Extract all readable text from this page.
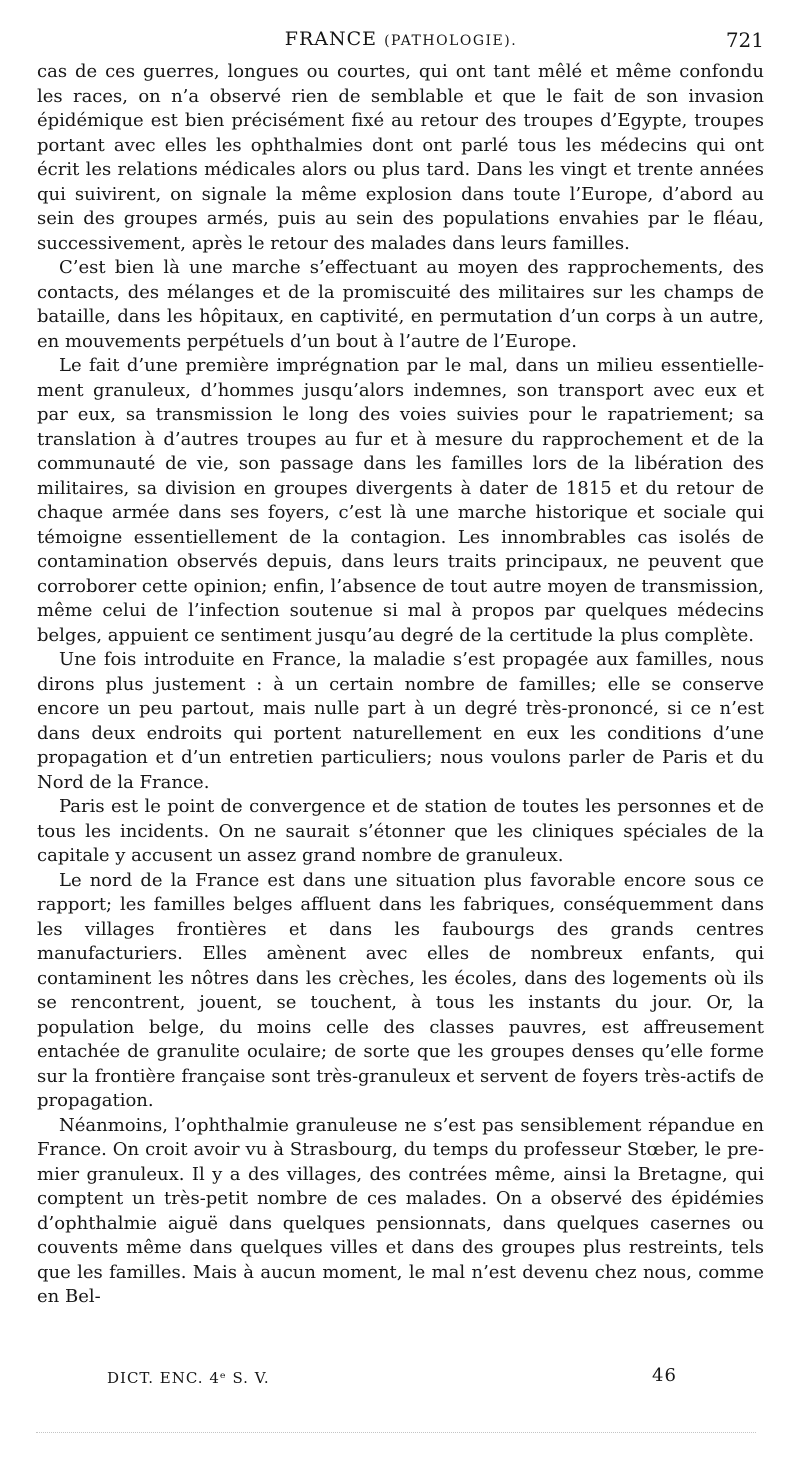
FRANCE (PATHOLOGIE).	721

cas de ces guerres, longues ou courtes, qui ont tant mêlé et même confondu les races, on n’a observé rien de semblable et que le fait de son invasion épidémique est bien précisément fixé au retour des troupes d’Egypte, troupes portant avec elles les ophthalmies dont ont parlé tous les médecins qui ont écrit les relations médicales alors ou plus tard. Dans les vingt et trente années qui suivirent, on signale la même explosion dans toute l’Europe, d’abord au sein des groupes armés, puis au sein des populations envahies par le fléau, successivement, après le retour des malades dans leurs familles.

C’est bien là une marche s’effectuant au moyen des rapprochements, des contacts, des mélanges et de la promiscuité des militaires sur les champs de bataille, dans les hôpitaux, en captivité, en permutation d’un corps à un autre, en mouvements perpétuels d’un bout à l’autre de l’Europe.

Le fait d’une première imprégnation par le mal, dans un milieu essentiellement granuleux, d’hommes jusqu’alors indemnes, son transport avec eux et par eux, sa transmission le long des voies suivies pour le rapatriement; sa translation à d’autres troupes au fur et à mesure du rapprochement et de la communauté de vie, son passage dans les familles lors de la libération des militaires, sa division en groupes divergents à dater de 1815 et du retour de chaque armée dans ses foyers, c’est là une marche historique et sociale qui témoigne essentiellement de la contagion. Les innombrables cas isolés de contamination observés depuis, dans leurs traits principaux, ne peuvent que corroborer cette opinion; enfin, l’absence de tout autre moyen de transmission, même celui de l’infection soutenue si mal à propos par quelques médecins belges, appuient ce sentiment jusqu’au degré de la certitude la plus complète.

Une fois introduite en France, la maladie s’est propagée aux familles, nous dirons plus justement : à un certain nombre de familles; elle se conserve encore un peu partout, mais nulle part à un degré très-prononcé, si ce n’est dans deux endroits qui portent naturellement en eux les conditions d’une propagation et d’un entretien particuliers; nous voulons parler de Paris et du Nord de la France.

Paris est le point de convergence et de station de toutes les personnes et de tous les incidents. On ne saurait s’étonner que les cliniques spéciales de la capitale y accusent un assez grand nombre de granuleux.

Le nord de la France est dans une situation plus favorable encore sous ce rapport; les familles belges affluent dans les fabriques, conséquemment dans les villages frontières et dans les faubourgs des grands centres manufacturiers. Elles amènent avec elles de nombreux enfants, qui contaminent les nôtres dans les crèches, les écoles, dans des logements où ils se rencontrent, jouent, se touchent, à tous les instants du jour. Or, la population belge, du moins celle des classes pauvres, est affreusement entachée de granulite oculaire; de sorte que les groupes denses qu’elle forme sur la frontière française sont très-granuleux et servent de foyers très-actifs de propagation.

Néanmoins, l’ophthalmie granuleuse ne s’est pas sensiblement répandue en France. On croit avoir vu à Strasbourg, du temps du professeur Stœber, le premier granuleux. Il y a des villages, des contrées même, ainsi la Bretagne, qui comptent un très-petit nombre de ces malades. On a observé des épidémies d’ophthalmie aiguë dans quelques pensionnats, dans quelques casernes ou couvents même dans quelques villes et dans des groupes plus restreints, tels que les familles. Mais à aucun moment, le mal n’est devenu chez nous, comme en Bel-

DICT. ENC. 4ᵉ S. V.	46
